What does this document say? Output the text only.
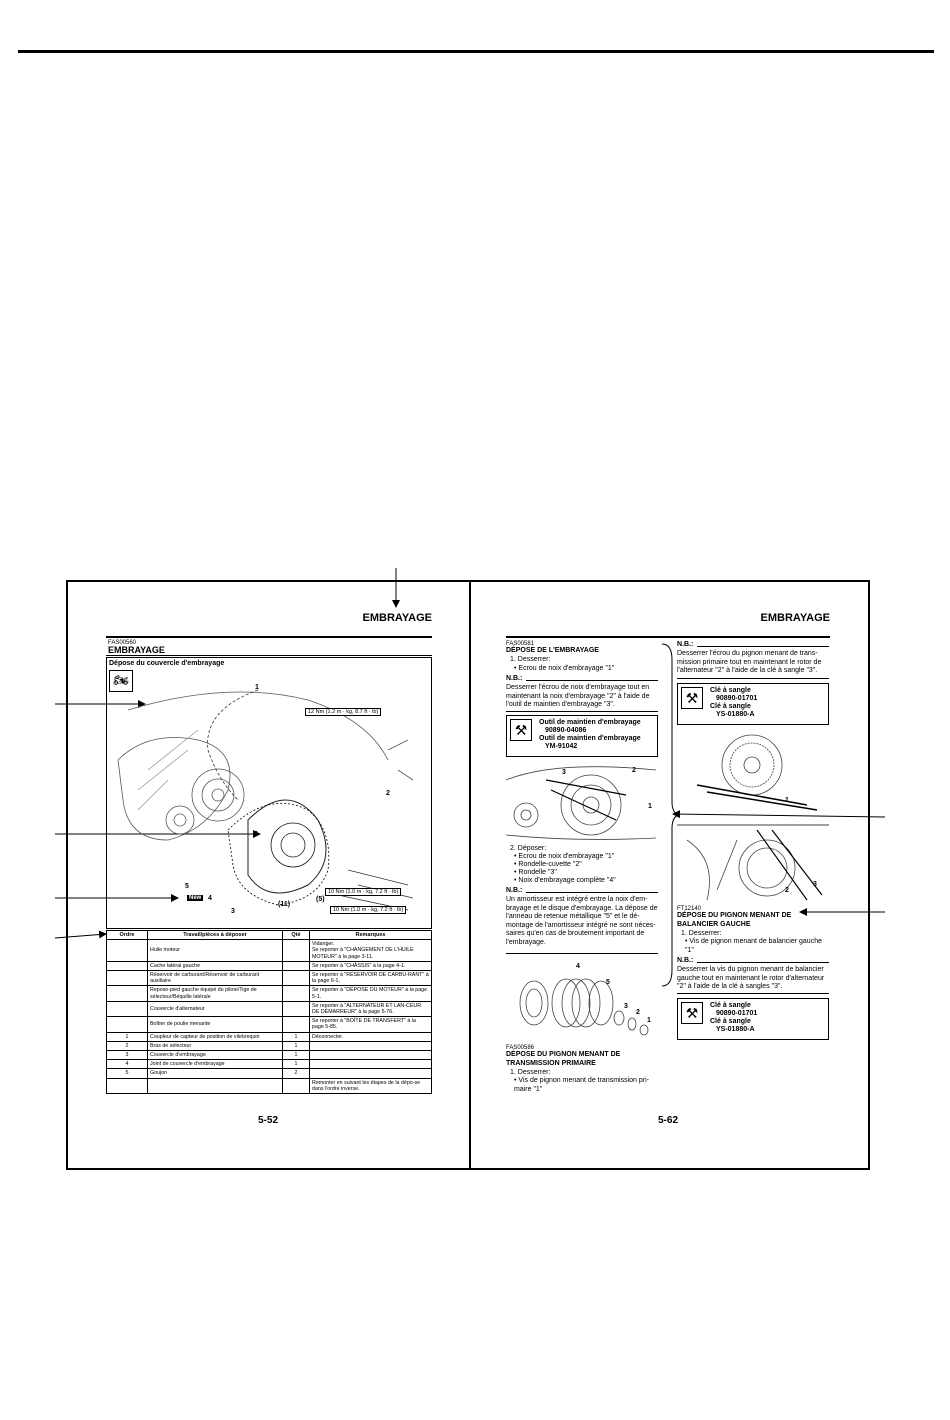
EMBRAYAGE
FAS00560
EMBRAYAGE
Dépose du couvercle d'embrayage
🏍
1
2
3
4
5
5
(11)
(5)
New
12 Nm (1.2 m · kg, 8.7 ft · lb)
10 Nm (1.0 m · kg, 7.2 ft · lb)
10 Nm (1.0 m · kg, 7.2 ft · lb)
Ordre	Travail/pièces à déposer	Qté	Remarques
	Huile moteur		Vidanger.
Se reporter à "CHANGEMENT DE L'HUILE MOTEUR" à la page 3-11.
	Cache latéral gauche		Se reporter à "CHÂSSIS" à la page 4-1.
	Réservoir de carburant/Réservoir de carburant auxiliaire		Se reporter à "RÉSERVOIR DE CARBU-RANT" à la page 6-1.
	Repose-pied gauche équipé du pilote/Tige de sélecteur/Béquille latérale		Se reporter à "DÉPOSE DU MOTEUR" à la page 5-1.
	Couvercle d'alternateur		Se reporter à "ALTERNATEUR ET LAN-CEUR DE DÉMARREUR" à la page 5-76.
	Boîtier de poulie menante		Se reporter à "BOÎTE DE TRANSFERT" à la page 5-85.
1	Coupleur de capteur de position de vilebrequin	1	Déconnecter.
2	Bras de sélecteur	1	
3	Couvercle d'embrayage	1	
4	Joint de couvercle d'embrayage	1	
5	Goujon	2	
			Remonter en suivant les étapes de la dépo-se dans l'ordre inverse.
5-52
EMBRAYAGE
FAS00581
DÉPOSE DE L'EMBRAYAGE
1. Desserrer:
• Ecrou de noix d'embrayage "1"
N.B.:
Desserrer l'écrou de noix d'embrayage tout en maintenant la noix d'embrayage "2" à l'aide de l'outil de maintien d'embrayage "3".
⚒	Outil de maintien d'embrayage
90890-04086
Outil de maintien d'embrayage
YM-91042
3	2
1
2. Déposer:
• Ecrou de noix d'embrayage "1"
• Rondelle-cuvette "2"
• Rondelle "3"
• Noix d'embrayage complète "4"
N.B.:
Un amortisseur est intégré entre la noix d'em-brayage et le disque d'embrayage. La dépose de l'anneau de retenue métallique "5" et le dé-montage de l'amortisseur intégré ne sont néces-saires qu'en cas de broutement important de l'embrayage.
4
5
3
2
1
FAS00586
DÉPOSE DU PIGNON MENANT DE TRANSMISSION PRIMAIRE
1. Desserrer:
• Vis de pignon menant de transmission pri-maire "1"
N.B.:
Desserrer l'écrou du pignon menant de trans-mission primaire tout en maintenant le rotor de l'alternateur "2" à l'aide de la clé à sangle "3".
⚒	Clé à sangle
90890-01701
Clé à sangle
YS-01880-A
1
3
2
FT12140
DÉPOSE DU PIGNON MENANT DE BALANCIER GAUCHE
1. Desserrer:
• Vis de pignon menant de balancier gauche "1"
N.B.:
Desserrer la vis du pignon menant de balancier gauche tout en maintenant le rotor d'alternateur "2" à l'aide de la clé à sangles "3".
⚒	Clé à sangle
90890-01701
Clé à sangle
YS-01880-A
5-62
